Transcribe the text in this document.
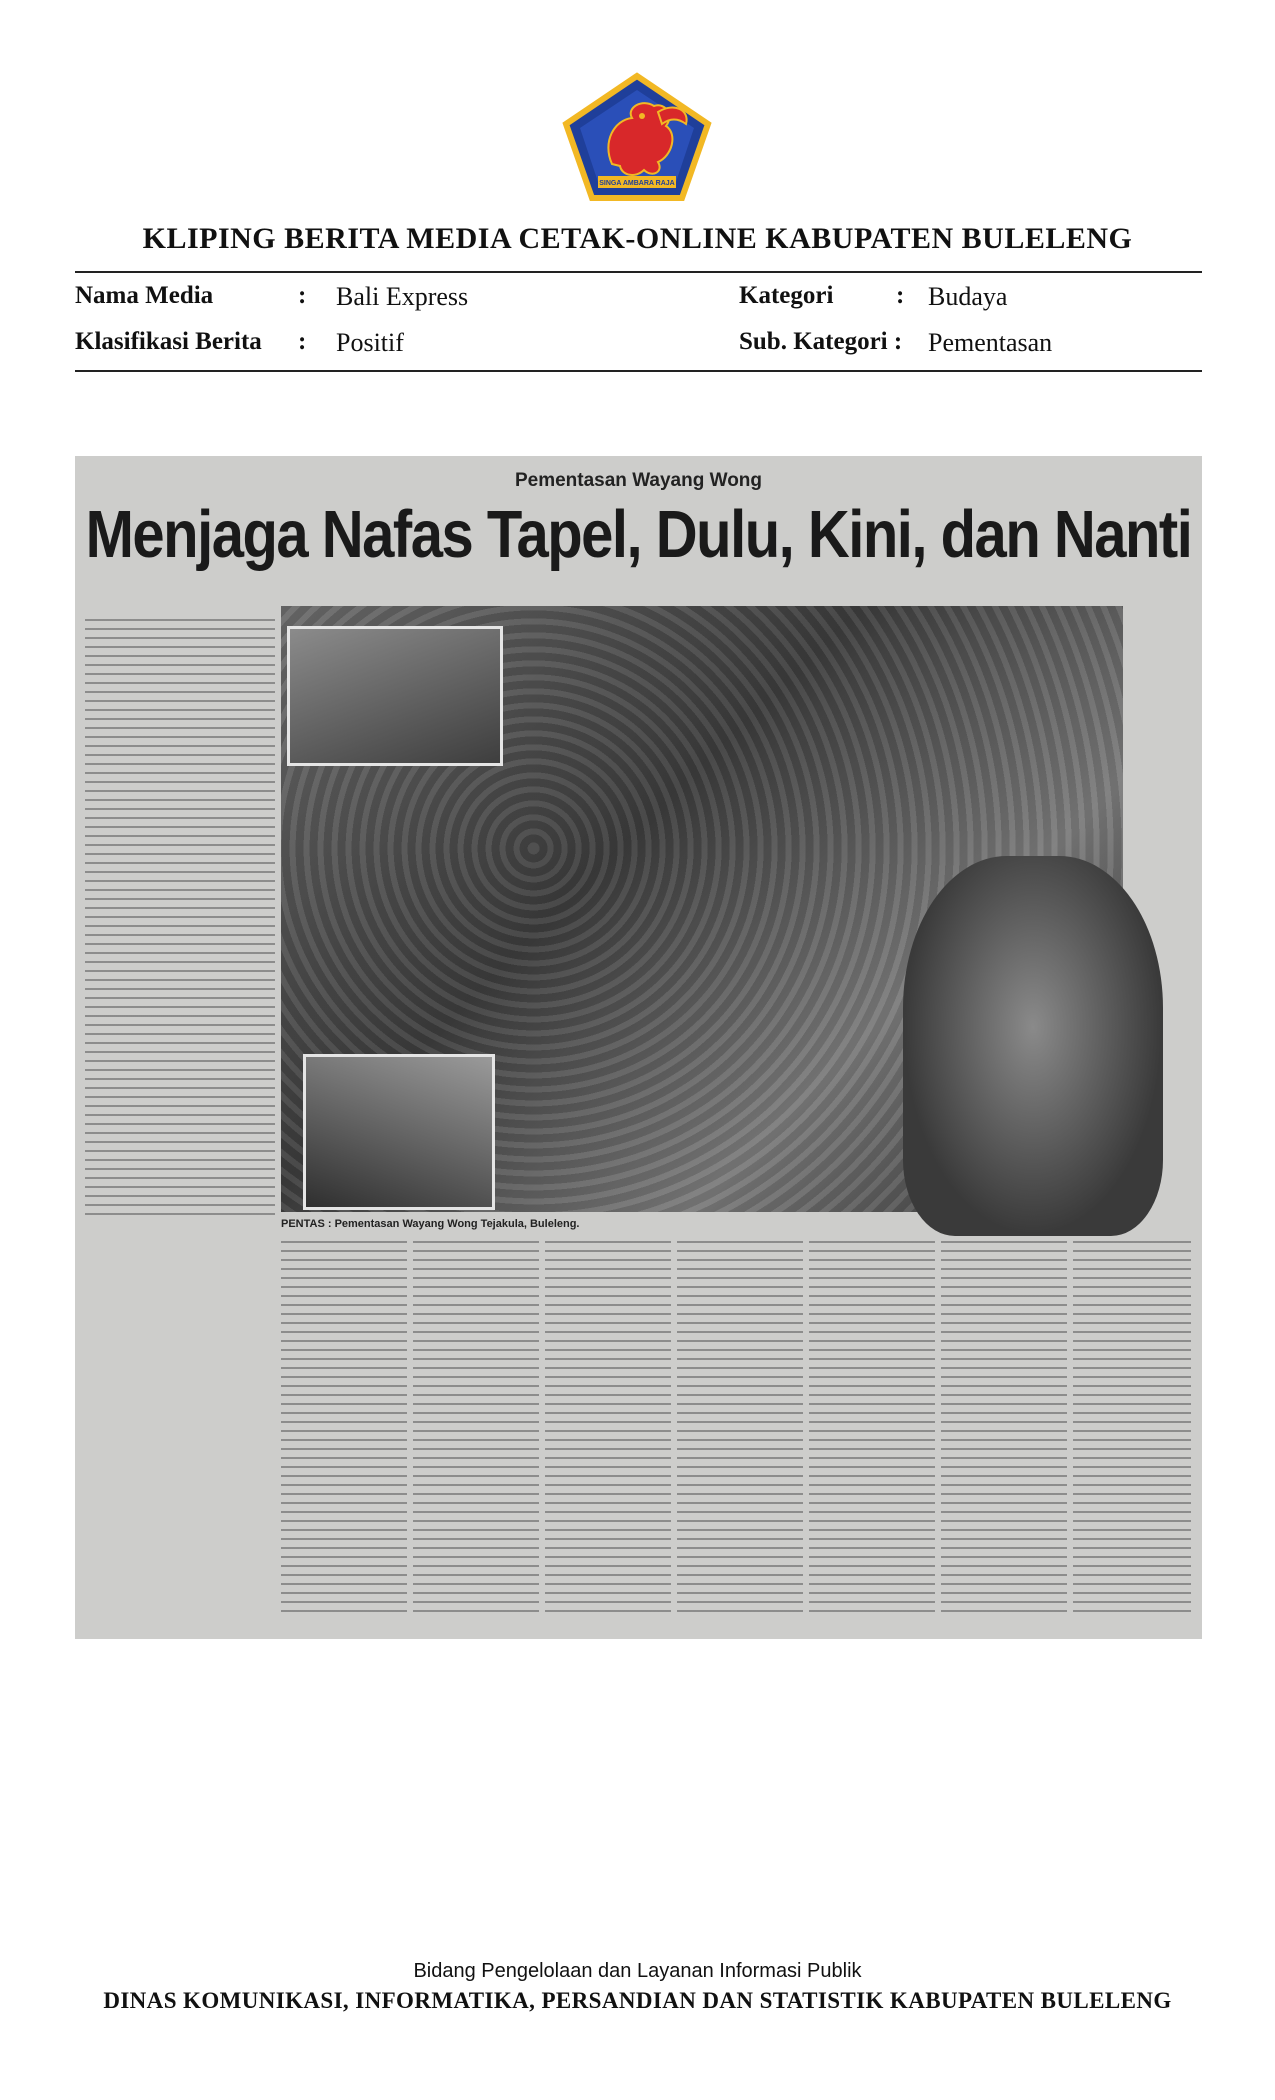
SINGA AMBARA RAJA
KLIPING BERITA MEDIA CETAK-ONLINE KABUPATEN BULELENG
Nama Media	: Bali Express	Kategori	: Budaya
Klasifikasi Berita : Positif	Sub. Kategori : Pementasan
Pementasan Wayang Wong
Menjaga Nafas Tapel, Dulu, Kini, dan Nanti
PENTAS : Pementasan Wayang Wong Tejakula, Buleleng.
Bidang Pengelolaan dan Layanan Informasi Publik
DINAS KOMUNIKASI, INFORMATIKA, PERSANDIAN DAN STATISTIK KABUPATEN BULELENG
